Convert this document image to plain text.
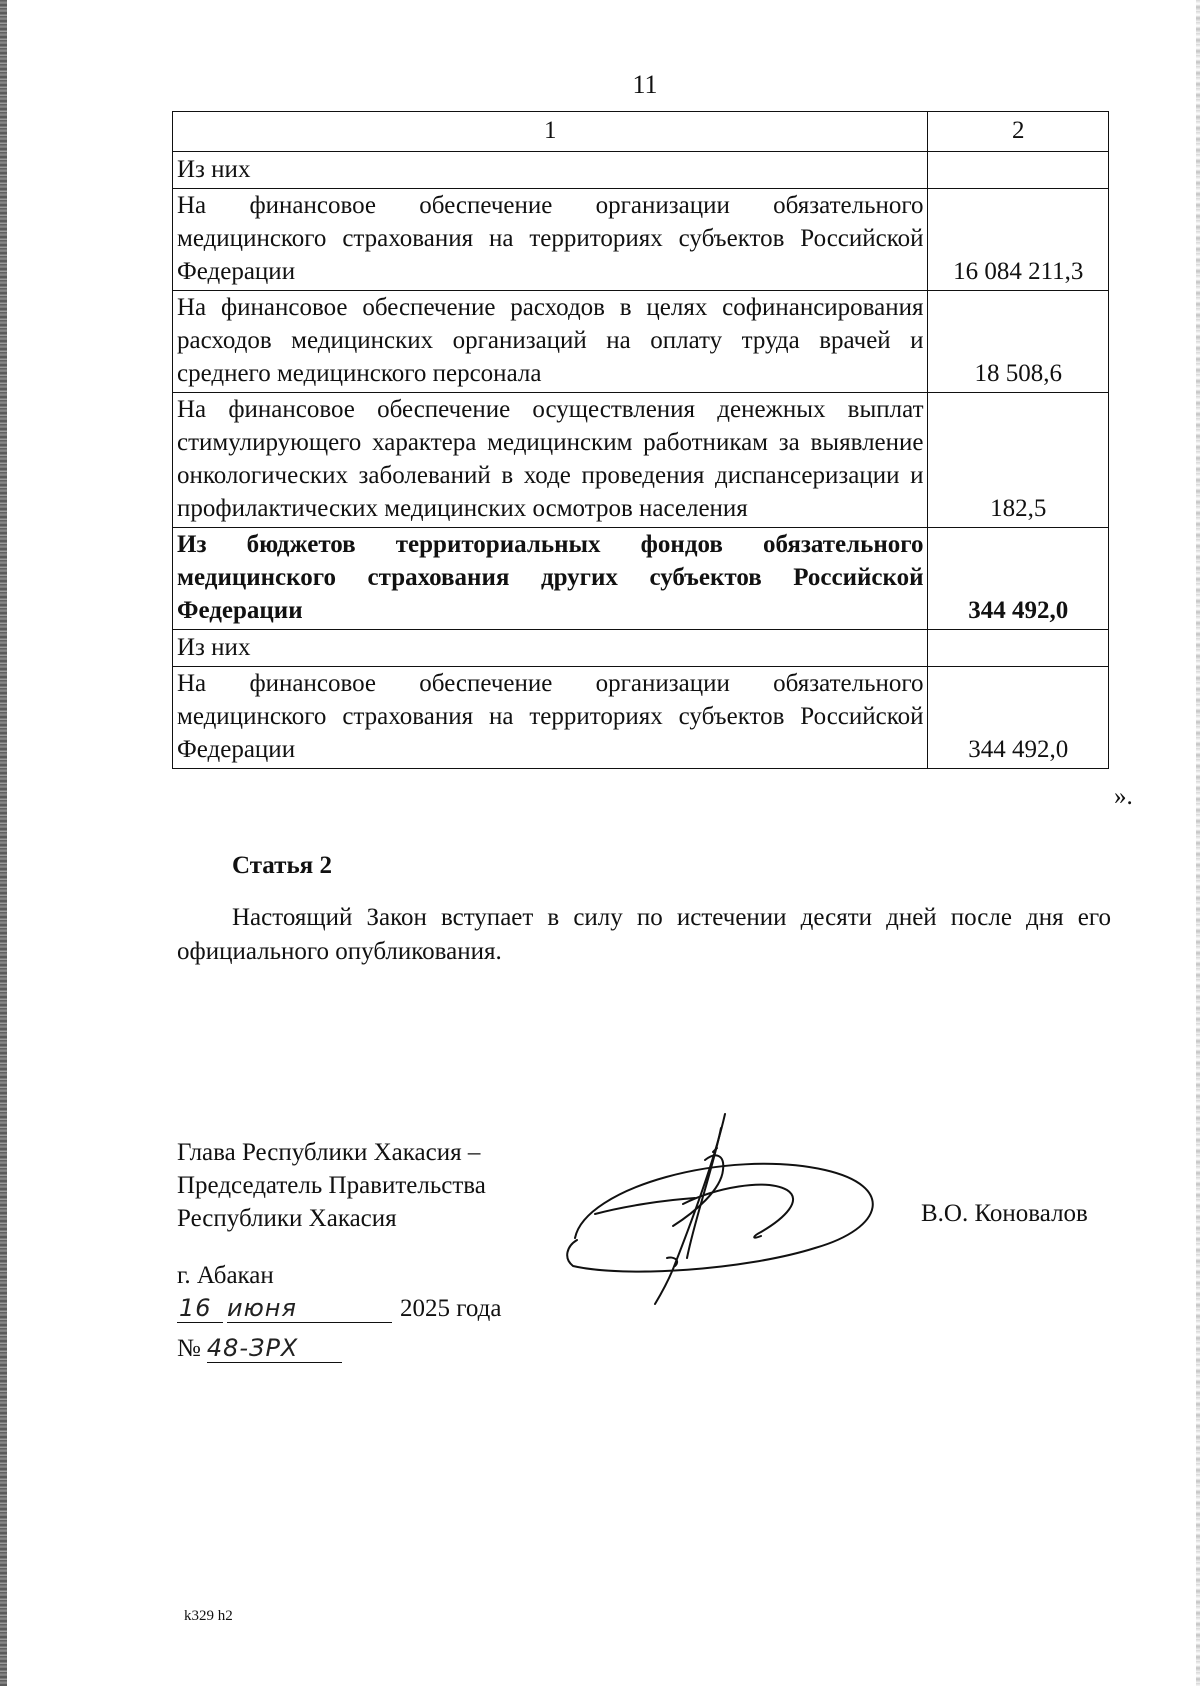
11
1	2
Из них	
На финансовое обеспечение организации обязательного медицинского страхования на территориях субъектов Российской Федерации	16 084 211,3
На финансовое обеспечение расходов в целях софинансирования расходов медицинских организаций на оплату труда врачей и среднего медицинского персонала	18 508,6
На финансовое обеспечение осуществления денежных выплат стимулирующего характера медицинским работникам за выявление онкологических заболеваний в ходе проведения диспансеризации и профилактических медицинских осмотров населения	182,5
Из бюджетов территориальных фондов обязательного медицинского страхования других субъектов Российской Федерации	344 492,0
Из них	
На финансовое обеспечение организации обязательного медицинского страхования на территориях субъектов Российской Федерации	344 492,0
».
Статья 2
Настоящий Закон вступает в силу по истечении десяти дней после дня его официального опубликования.
Глава Республики Хакасия –
Председатель Правительства
Республики Хакасия	В.О. Коновалов
г. Абакан
16 июня	2025 года
№ 48-ЗРХ
k329 h2
